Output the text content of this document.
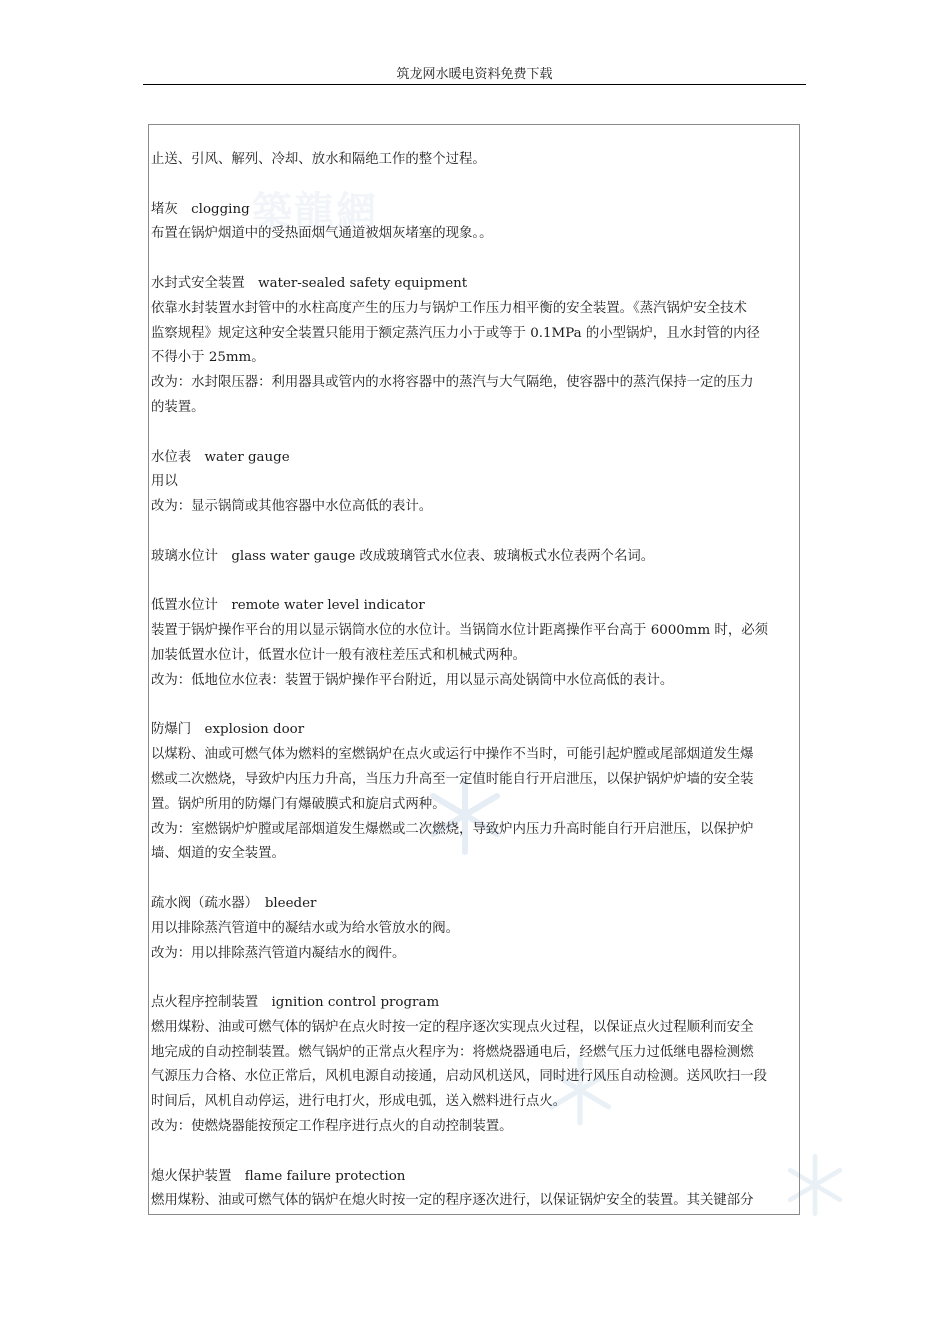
筑龙网水暖电资料免费下载
築龍網
止送、引风、解列、冷却、放水和隔绝工作的整个过程。
堵灰　clogging
布置在锅炉烟道中的受热面烟气通道被烟灰堵塞的现象。。
水封式安全装置　water-sealed safety equipment
依靠水封装置水封管中的水柱高度产生的压力与锅炉工作压力相平衡的安全装置。《蒸汽锅炉安全技术
监察规程》规定这种安全装置只能用于额定蒸汽压力小于或等于 0.1MPa 的小型锅炉，且水封管的内径
不得小于 25mm。
改为：水封限压器：利用器具或管内的水将容器中的蒸汽与大气隔绝，使容器中的蒸汽保持一定的压力
的装置。
水位表　water gauge
用以
改为：显示锅筒或其他容器中水位高低的表计。
玻璃水位计　glass water gauge 改成玻璃管式水位表、玻璃板式水位表两个名词。
低置水位计　remote water level indicator
装置于锅炉操作平台的用以显示锅筒水位的水位计。当锅筒水位计距离操作平台高于 6000mm 时，必须
加装低置水位计，低置水位计一般有液柱差压式和机械式两种。
改为：低地位水位表：装置于锅炉操作平台附近，用以显示高处锅筒中水位高低的表计。
防爆门　explosion door
以煤粉、油或可燃气体为燃料的室燃锅炉在点火或运行中操作不当时，可能引起炉膛或尾部烟道发生爆
燃或二次燃烧，导致炉内压力升高，当压力升高至一定值时能自行开启泄压，以保护锅炉炉墙的安全装
置。锅炉所用的防爆门有爆破膜式和旋启式两种。
改为：室燃锅炉炉膛或尾部烟道发生爆燃或二次燃烧，导致炉内压力升高时能自行开启泄压，以保护炉
墙、烟道的安全装置。
疏水阀（疏水器）　bleeder
用以排除蒸汽管道中的凝结水或为给水管放水的阀。
改为：用以排除蒸汽管道内凝结水的阀件。
点火程序控制装置　ignition control program
燃用煤粉、油或可燃气体的锅炉在点火时按一定的程序逐次实现点火过程，以保证点火过程顺利而安全
地完成的自动控制装置。燃气锅炉的正常点火程序为：将燃烧器通电后，经燃气压力过低继电器检测燃
气源压力合格、水位正常后，风机电源自动接通，启动风机送风，同时进行风压自动检测。送风吹扫一段
时间后，风机自动停运，进行电打火，形成电弧，送入燃料进行点火。
改为：使燃烧器能按预定工作程序进行点火的自动控制装置。
熄火保护装置　flame failure protection
燃用煤粉、油或可燃气体的锅炉在熄火时按一定的程序逐次进行，以保证锅炉安全的装置。其关键部分
